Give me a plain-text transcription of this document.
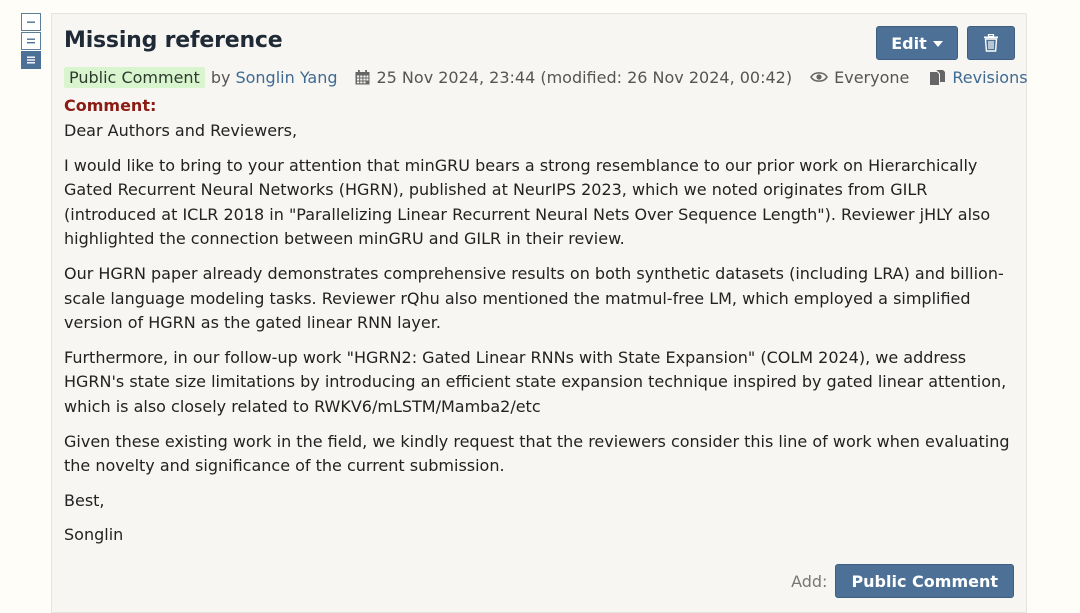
Missing reference	Edit
Public Comment by Songlin Yang 25 Nov 2024, 23:44 (modified: 26 Nov 2024, 00:42)	Everyone	Revisions
Comment:

Dear Authors and Reviewers,

I would like to bring to your attention that minGRU bears a strong resemblance to our prior work on Hierarchically Gated Recurrent Neural Networks (HGRN), published at NeurIPS 2023, which we noted originates from GILR (introduced at ICLR 2018 in "Parallelizing Linear Recurrent Neural Nets Over Sequence Length"). Reviewer jHLY also highlighted the connection between minGRU and GILR in their review.

Our HGRN paper already demonstrates comprehensive results on both synthetic datasets (including LRA) and billion-scale language modeling tasks. Reviewer rQhu also mentioned the matmul-free LM, which employed a simplified version of HGRN as the gated linear RNN layer.

Furthermore, in our follow-up work "HGRN2: Gated Linear RNNs with State Expansion" (COLM 2024), we address HGRN's state size limitations by introducing an efficient state expansion technique inspired by gated linear attention, which is also closely related to RWKV6/mLSTM/Mamba2/etc

Given these existing work in the field, we kindly request that the reviewers consider this line of work when evaluating the novelty and significance of the current submission.

Best,

Songlin

Add:	Public Comment
